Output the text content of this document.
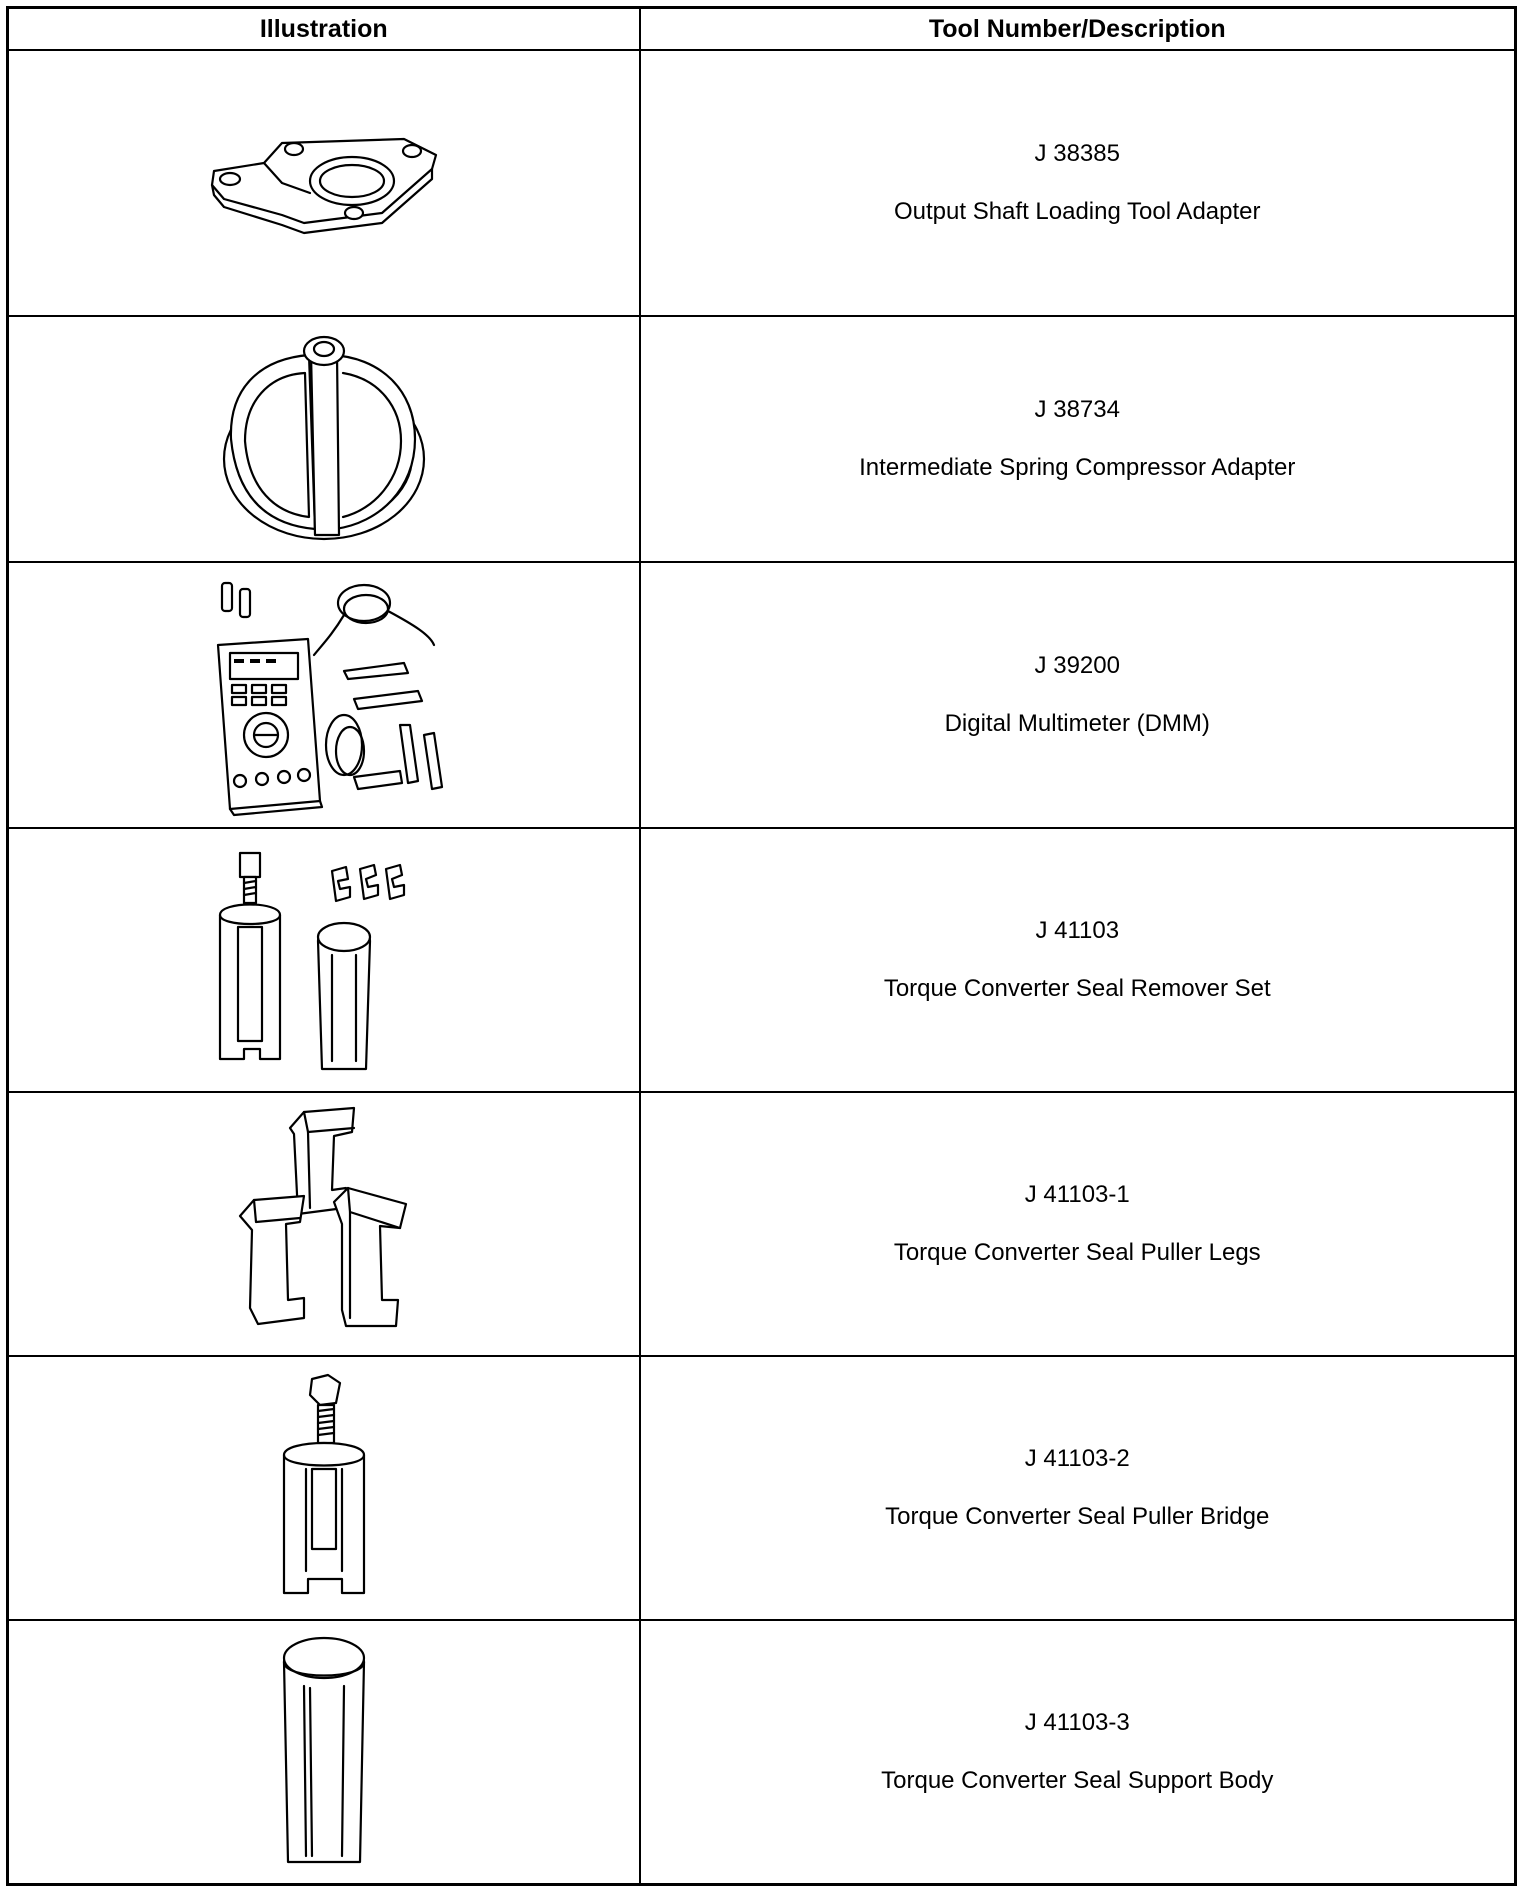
Illustration	Tool Number/Description

J 38385
Output Shaft Loading Tool Adapter

J 38734
Intermediate Spring Compressor Adapter

J 39200
Digital Multimeter (DMM)

J 41103
Torque Converter Seal Remover Set

J 41103-1
Torque Converter Seal Puller Legs

J 41103-2
Torque Converter Seal Puller Bridge

J 41103-3
Torque Converter Seal Support Body
